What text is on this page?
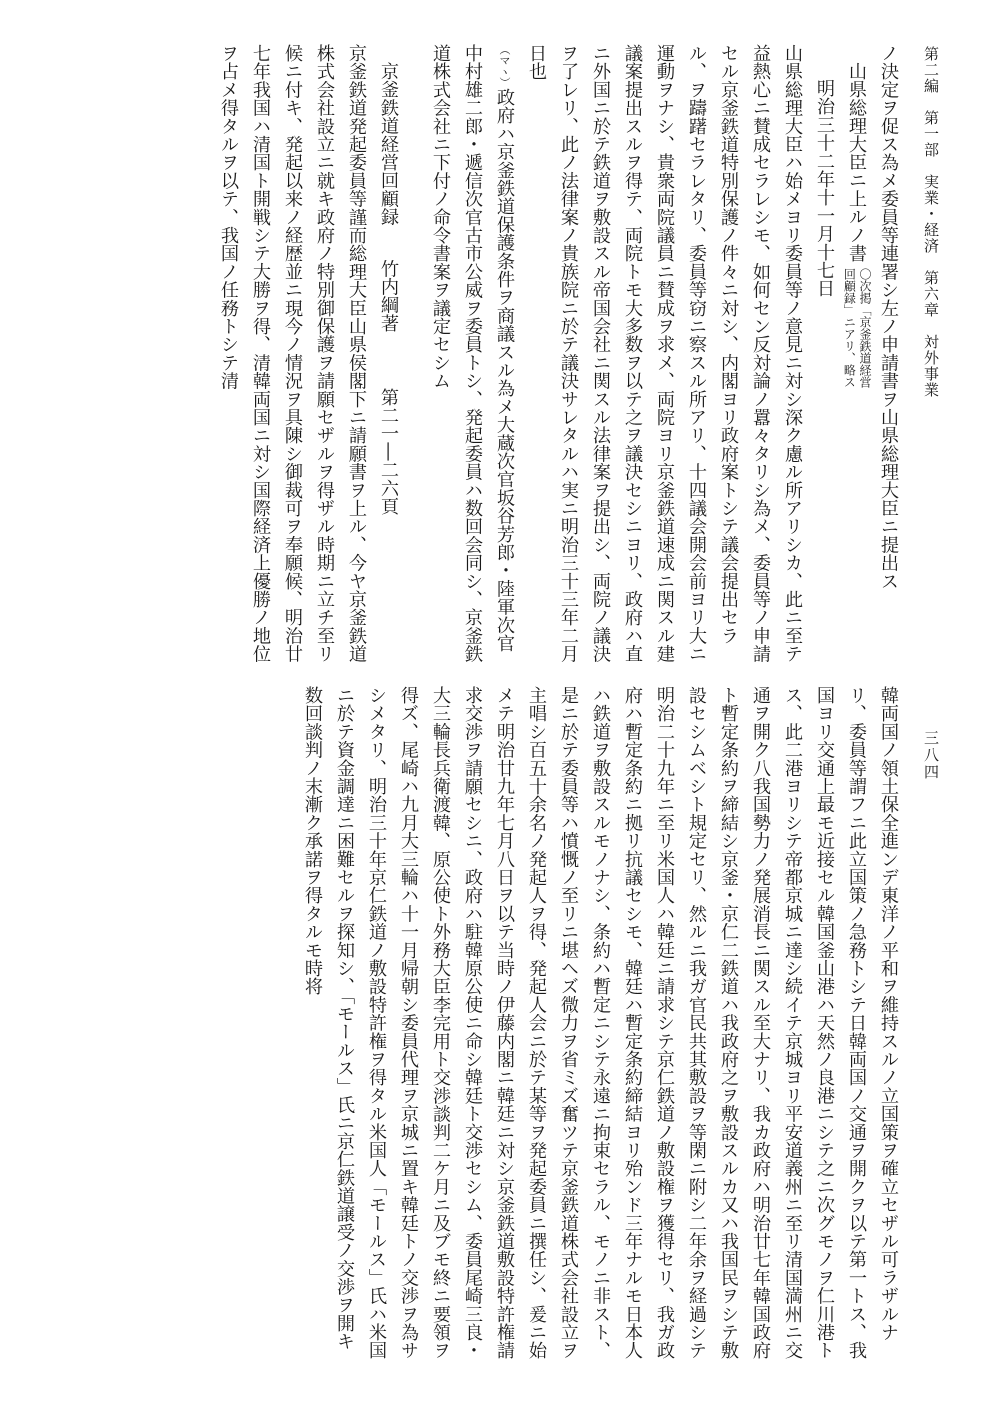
第二編　第一部　実業・経済　第六章　対外事業
三八四

ノ決定ヲ促ス為メ委員等連署シ左ノ申請書ヲ山県総理大臣ニ提出ス

山県総理大臣ニ上ルノ書
〇次掲「京釜鉄道経営
回顧録」ニアリ、略ス

明治三十二年十一月十七日

山県総理大臣ハ始メヨリ委員等ノ意見ニ対シ深ク慮ル所アリシカ、此ニ至テ益熱心ニ賛成セラレシモ、如何セン反対論ノ囂々タリシ為メ、委員等ノ申請セル京釜鉄道特別保護ノ件々ニ対シ、内閣ヨリ政府案トシテ議会提出セラル、ヲ躊躇セラレタリ、委員等窃ニ察スル所アリ、十四議会開会前ヨリ大ニ運動ヲナシ、貴衆両院議員ニ賛成ヲ求メ、両院ヨリ京釜鉄道速成ニ関スル建議案提出スルヲ得テ、両院トモ大多数ヲ以テ之ヲ議決セシニヨリ、政府ハ直ニ外国ニ於テ鉄道ヲ敷設スル帝国会社ニ関スル法律案ヲ提出シ、両院ノ議決ヲ了レリ、此ノ法律案ノ貴族院ニ於テ議決サレタルハ実ニ明治三十三年二月　日也

（マヽ）政府ハ京釜鉄道保護条件ヲ商議スル為メ大蔵次官坂谷芳郎・陸軍次官中村雄二郎・遞信次官古市公威ヲ委員トシ、発起委員ハ数回会同シ、京釜鉄道株式会社ニ下付ノ命令書案ヲ議定セシム

京釜鉄道経営回顧録  竹内綱著  第二一―二六頁

京釜鉄道発起委員等謹而総理大臣山県侯閣下ニ請願書ヲ上ル、今ヤ京釜鉄道株式会社設立ニ就キ政府ノ特別御保護ヲ請願セザルヲ得ザル時期ニ立チ至リ候ニ付キ、発起以来ノ経歴並ニ現今ノ情況ヲ具陳シ御裁可ヲ奉願候、明治廿七年我国ハ清国ト開戦シテ大勝ヲ得、清韓両国ニ対シ国際経済上優勝ノ地位ヲ占メ得タルヲ以テ、我国ノ任務トシテ清

韓両国ノ領土保全進ンデ東洋ノ平和ヲ維持スルノ立国策ヲ確立セザル可ラザルナリ、委員等謂フニ此立国策ノ急務トシテ日韓両国ノ交通ヲ開クヲ以テ第一トス、我国ヨリ交通上最モ近接セル韓国釜山港ハ天然ノ良港ニシテ之ニ次グモノヲ仁川港トス、此二港ヨリシテ帝都京城ニ達シ続イテ京城ヨリ平安道義州ニ至リ清国満州ニ交通ヲ開ク八我国勢力ノ発展消長ニ関スル至大ナリ、我カ政府ハ明治廿七年韓国政府ト暫定条約ヲ締結シ京釜・京仁二鉄道ハ我政府之ヲ敷設スルカ又ハ我国民ヲシテ敷設セシムベシト規定セリ、然ルニ我ガ官民共其敷設ヲ等閑ニ附シ二年余ヲ経過シテ明治二十九年ニ至リ米国人ハ韓廷ニ請求シテ京仁鉄道ノ敷設権ヲ獲得セリ、我ガ政府ハ暫定条約ニ拠リ抗議セシモ、韓廷ハ暫定条約締結ヨリ殆ンド三年ナルモ日本人ハ鉄道ヲ敷設スルモノナシ、条約ハ暫定ニシテ永遠ニ拘束セラル、モノニ非スト、是ニ於テ委員等ハ憤慨ノ至リニ堪ヘズ微力ヲ省ミズ奮ツテ京釜鉄道株式会社設立ヲ主唱シ百五十余名ノ発起人ヲ得、発起人会ニ於テ某等ヲ発起委員ニ撰任シ、爰ニ始メテ明治廿九年七月八日ヲ以テ当時ノ伊藤内閣ニ韓廷ニ対シ京釜鉄道敷設特許権請求交渉ヲ請願セシニ、政府ハ駐韓原公使ニ命シ韓廷ト交渉セシム、委員尾崎三良・大三輪長兵衛渡韓、原公使ト外務大臣李完用ト交渉談判二ケ月ニ及ブモ終ニ要領ヲ得ズ、尾崎ハ九月大三輪ハ十一月帰朝シ委員代理ヲ京城ニ置キ韓廷トノ交渉ヲ為サシメタリ、明治三十年京仁鉄道ノ敷設特許権ヲ得タル米国人「モールス」氏ハ米国ニ於テ資金調達ニ困難セルヲ探知シ、「モールス」氏ニ京仁鉄道譲受ノ交渉ヲ開キ数回談判ノ末漸ク承諾ヲ得タルモ時将
